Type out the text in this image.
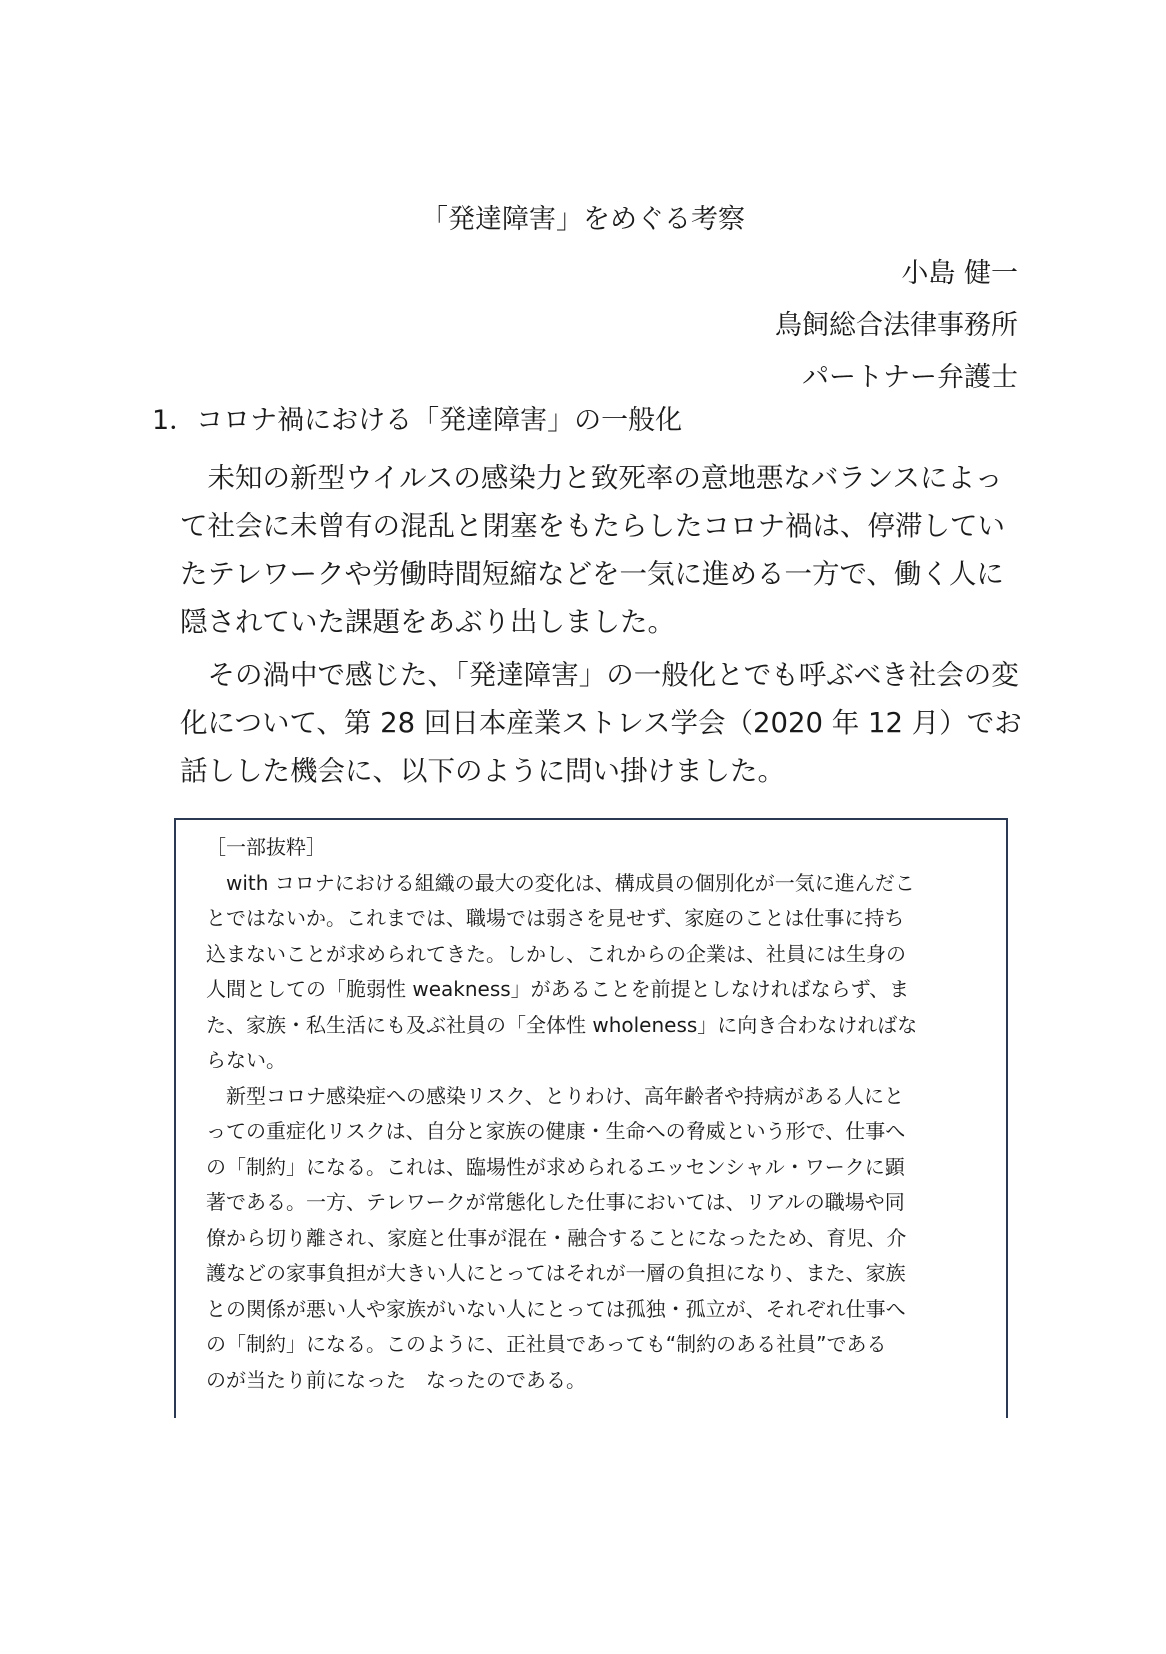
「発達障害」をめぐる考察
小島 健一
鳥飼総合法律事務所
パートナー弁護士
1．コロナ禍における「発達障害」の一般化
　未知の新型ウイルスの感染力と致死率の意地悪なバランスによっ
て社会に未曾有の混乱と閉塞をもたらしたコロナ禍は、停滞してい
たテレワークや労働時間短縮などを一気に進める一方で、働く人に
隠されていた課題をあぶり出しました。
　その渦中で感じた、「発達障害」の一般化とでも呼ぶべき社会の変
化について、第 28 回日本産業ストレス学会（2020 年 12 月）でお
話しした機会に、以下のように問い掛けました。
［一部抜粋］
　with コロナにおける組織の最大の変化は、構成員の個別化が一気に進んだこ
とではないか。これまでは、職場では弱さを見せず、家庭のことは仕事に持ち
込まないことが求められてきた。しかし、これからの企業は、社員には生身の
人間としての「脆弱性 weakness」があることを前提としなければならず、ま
た、家族・私生活にも及ぶ社員の「全体性 wholeness」に向き合わなければな
らない。
　新型コロナ感染症への感染リスク、とりわけ、高年齢者や持病がある人にと
っての重症化リスクは、自分と家族の健康・生命への脅威という形で、仕事へ
の「制約」になる。これは、臨場性が求められるエッセンシャル・ワークに顕
著である。一方、テレワークが常態化した仕事においては、リアルの職場や同
僚から切り離され、家庭と仕事が混在・融合することになったため、育児、介
護などの家事負担が大きい人にとってはそれが一層の負担になり、また、家族
との関係が悪い人や家族がいない人にとっては孤独・孤立が、それぞれ仕事へ
の「制約」になる。このように、正社員であっても“制約のある社員”である
のが当たり前になった　なったのである。
